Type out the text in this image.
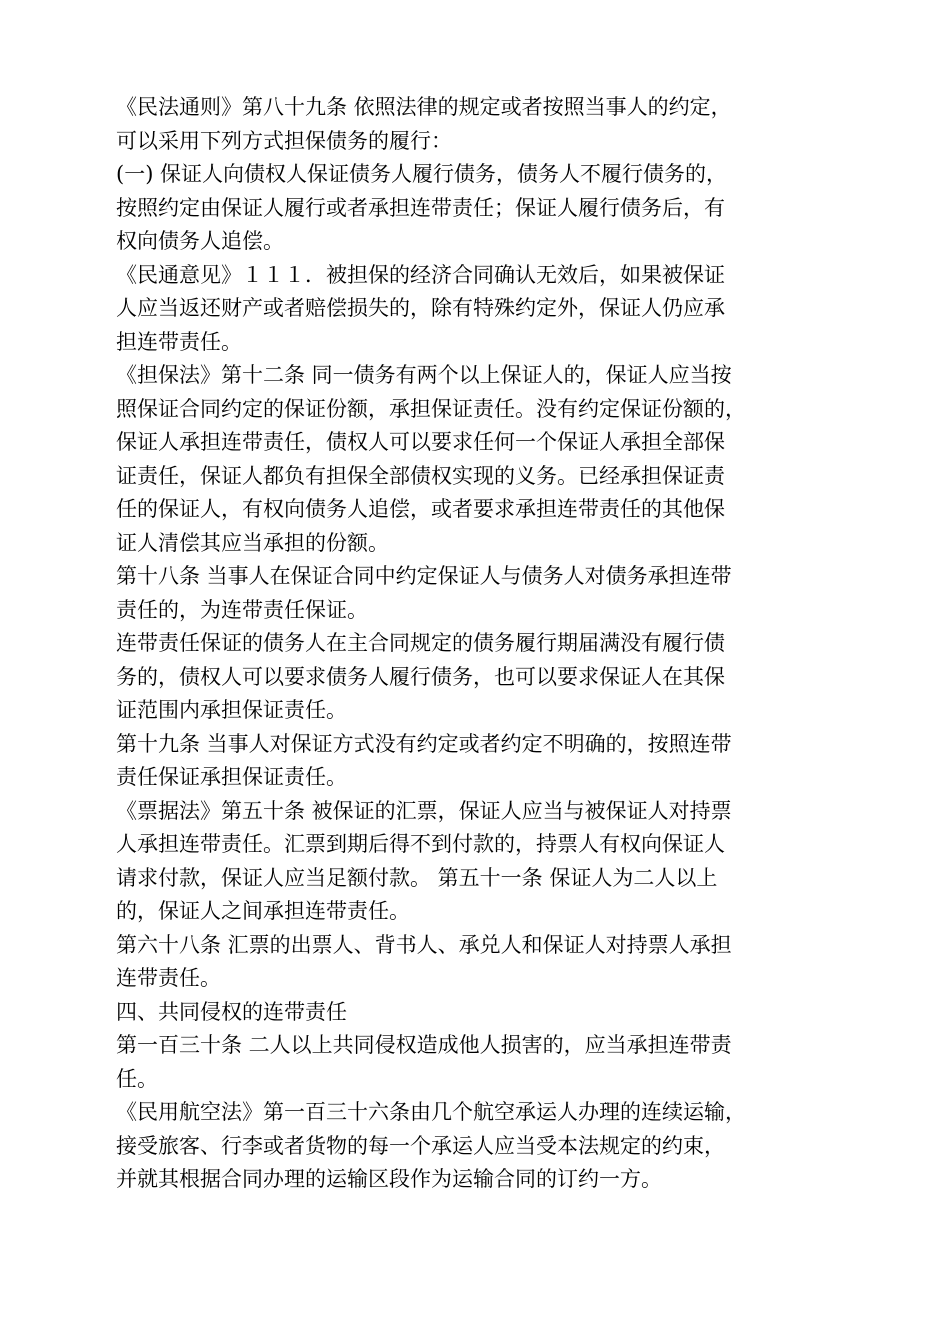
《民法通则》第八十九条 依照法律的规定或者按照当事人的约定，
可以采用下列方式担保债务的履行：
(一) 保证人向债权人保证债务人履行债务，债务人不履行债务的，
按照约定由保证人履行或者承担连带责任；保证人履行债务后，有
权向债务人追偿。
《民通意见》１１１．被担保的经济合同确认无效后，如果被保证
人应当返还财产或者赔偿损失的，除有特殊约定外，保证人仍应承
担连带责任。
《担保法》第十二条 同一债务有两个以上保证人的，保证人应当按
照保证合同约定的保证份额，承担保证责任。没有约定保证份额的，
保证人承担连带责任，债权人可以要求任何一个保证人承担全部保
证责任，保证人都负有担保全部债权实现的义务。已经承担保证责
任的保证人，有权向债务人追偿，或者要求承担连带责任的其他保
证人清偿其应当承担的份额。
第十八条 当事人在保证合同中约定保证人与债务人对债务承担连带
责任的，为连带责任保证。
连带责任保证的债务人在主合同规定的债务履行期届满没有履行债
务的，债权人可以要求债务人履行债务，也可以要求保证人在其保
证范围内承担保证责任。
第十九条 当事人对保证方式没有约定或者约定不明确的，按照连带
责任保证承担保证责任。
《票据法》第五十条 被保证的汇票，保证人应当与被保证人对持票
人承担连带责任。汇票到期后得不到付款的，持票人有权向保证人
请求付款，保证人应当足额付款。 第五十一条 保证人为二人以上
的，保证人之间承担连带责任。
第六十八条 汇票的出票人、背书人、承兑人和保证人对持票人承担
连带责任。
四、共同侵权的连带责任
第一百三十条 二人以上共同侵权造成他人损害的，应当承担连带责
任。
《民用航空法》第一百三十六条由几个航空承运人办理的连续运输，
接受旅客、行李或者货物的每一个承运人应当受本法规定的约束，
并就其根据合同办理的运输区段作为运输合同的订约一方。
